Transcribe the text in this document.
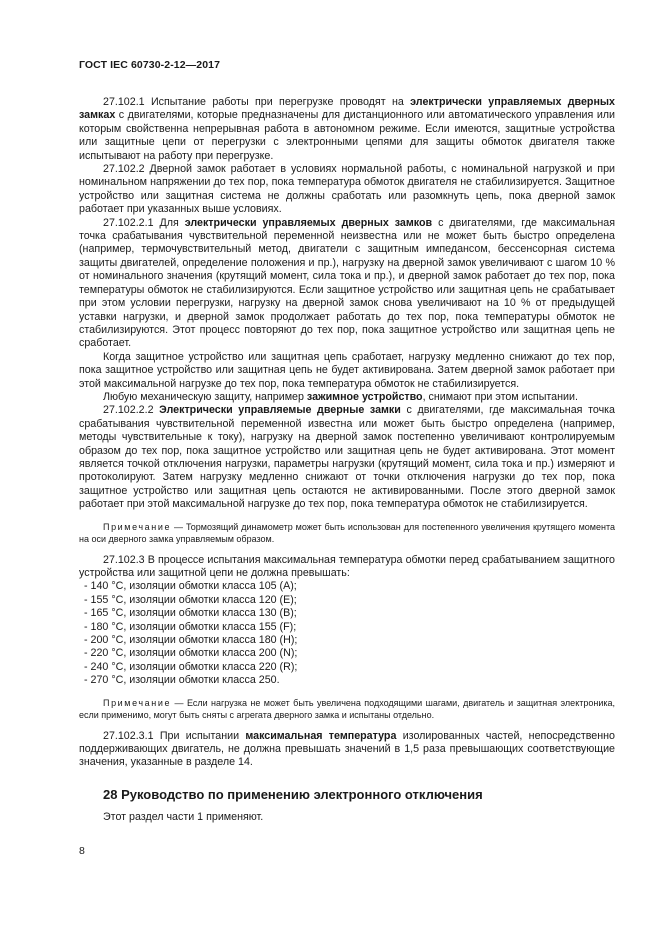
ГОСТ IEC 60730-2-12—2017

27.102.1 Испытание работы при перегрузке проводят на электрически управляемых дверных замках с двигателями, которые предназначены для дистанционного или автоматического управления или которым свойственна непрерывная работа в автономном режиме. Если имеются, защитные устройства или защитные цепи от перегрузки с электронными цепями для защиты обмоток двигателя также испытывают на работу при перегрузке.

27.102.2 Дверной замок работает в условиях нормальной работы, с номинальной нагрузкой и при номинальном напряжении до тех пор, пока температура обмоток двигателя не стабилизируется. Защитное устройство или защитная система не должны сработать или разомкнуть цепь, пока дверной замок работает при указанных выше условиях.

27.102.2.1 Для электрически управляемых дверных замков с двигателями, где максимальная точка срабатывания чувствительной переменной неизвестна или не может быть быстро определена (например, термочувствительный метод, двигатели с защитным импедансом, бессенсорная система защиты двигателей, определение положения и пр.), нагрузку на дверной замок увеличивают с шагом 10 % от номинального значения (крутящий момент, сила тока и пр.), и дверной замок работает до тех пор, пока температуры обмоток не стабилизируются. Если защитное устройство или защитная цепь не срабатывает при этом условии перегрузки, нагрузку на дверной замок снова увеличивают на 10 % от предыдущей уставки нагрузки, и дверной замок продолжает работать до тех пор, пока температуры обмоток не стабилизируются. Этот процесс повторяют до тех пор, пока защитное устройство или защитная цепь не сработает.

Когда защитное устройство или защитная цепь сработает, нагрузку медленно снижают до тех пор, пока защитное устройство или защитная цепь не будет активирована. Затем дверной замок работает при этой максимальной нагрузке до тех пор, пока температура обмоток не стабилизируется.

Любую механическую защиту, например зажимное устройство, снимают при этом испытании.

27.102.2.2 Электрически управляемые дверные замки с двигателями, где максимальная точка срабатывания чувствительной переменной известна или может быть быстро определена (например, методы чувствительные к току), нагрузку на дверной замок постепенно увеличивают контролируемым образом до тех пор, пока защитное устройство или защитная цепь не будет активирована. Этот момент является точкой отключения нагрузки, параметры нагрузки (крутящий момент, сила тока и пр.) измеряют и протоколируют. Затем нагрузку медленно снижают от точки отключения нагрузки до тех пор, пока защитное устройство или защитная цепь остаются не активированными. После этого дверной замок работает при этой максимальной нагрузке до тех пор, пока температура обмоток не стабилизируется.

Примечание — Тормозящий динамометр может быть использован для постепенного увеличения крутящего момента на оси дверного замка управляемым образом.

27.102.3 В процессе испытания максимальная температура обмотки перед срабатыванием защитного устройства или защитной цепи не должна превышать:

- 140 °C, изоляции обмотки класса 105 (A);
- 155 °C, изоляции обмотки класса 120 (E);
- 165 °C, изоляции обмотки класса 130 (B);
- 180 °C, изоляции обмотки класса 155 (F);
- 200 °C, изоляции обмотки класса 180 (H);
- 220 °C, изоляции обмотки класса 200 (N);
- 240 °C, изоляции обмотки класса 220 (R);
- 270 °C, изоляции обмотки класса 250.

Примечание — Если нагрузка не может быть увеличена подходящими шагами, двигатель и защитная электроника, если применимо, могут быть сняты с агрегата дверного замка и испытаны отдельно.

27.102.3.1 При испытании максимальная температура изолированных частей, непосредственно поддерживающих двигатель, не должна превышать значений в 1,5 раза превышающих соответствующие значения, указанные в разделе 14.

28 Руководство по применению электронного отключения

Этот раздел части 1 применяют.

8
